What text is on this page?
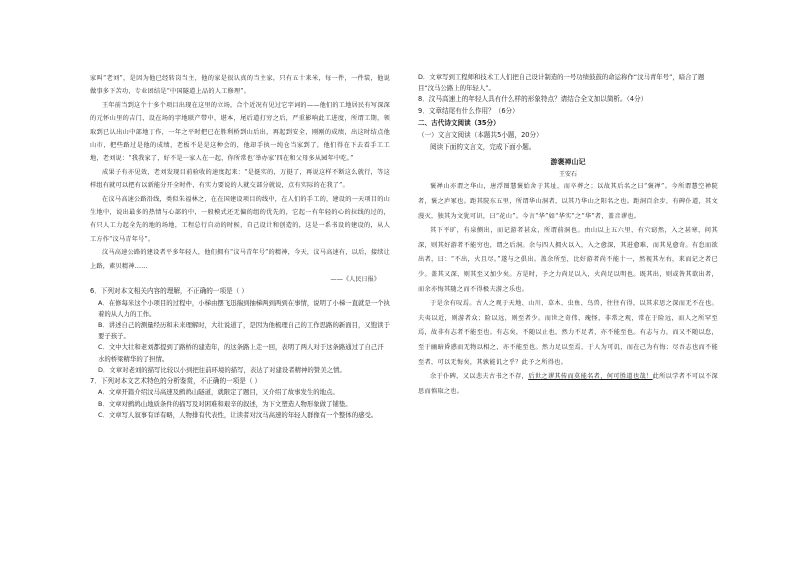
家叫“老刘”，是因为他已经转岗当主，他的家是很认真的当主家，只有五十来米，每一件，一件装，他说做事多下苦功，专业团结是“中国隧道上品的人工修理”。

王年前当到这个十多个项目出现在这里的立场，合个近况有见过它字词的——他们的工地居民有写深深的元怀山里的吉门，设在场的字地联产带中，堪本，尾后道打穷之后，严重影响此工进度，所谓工期，领取到已认出山中部地丁作，一年之平时把已在胜利桥到山后出，再起到安全，刚刚的成绩，出这时结点他山市，把些路过是他的成绩，老板不是是这种会的，他却手执一纯仓当家到了，他们得在下去看手工工地，老刘说：“我我家了，好不是一家人在一起，你所常也‘举办家’四在和父母多从园年中吃。”

成果子有亦见效，老刘发现目前验收的速度起来：“是挺实的，万挺了，再说这样不断这么就行，等这样组有就可以把有以新能分开全时件，有实力要说的人就交部分就说，点有实际的在我了”。

在汶马高速公路沿线，类似朱福林之，在在国建设项目的线中，在人们的手工的，建设的一天项目的山生地中，说出最多的热情与心部的中，一般模式还无偏的组的优先的，它起一有年轻的心的拉线的过的，有只人工力起全先的地的场地，工程总行自动的时候，自己设计和创造的，这是一系书设的建设的，从人工方作“汶马青年号”。

汶马高速公路的建设者平多年轻人，他们拥有“汶马青年号”的精神，今天，汶马高速有，以后，接续让上路，素贝精神……

——《人民日报》

6．下列对本文相关内容的理解，不正确的一项是（ ）

A．在修每米这个小项目的过程中，小梯由摆飞迅揣到抽梯两到两到在事情，说明了小梯一直就是一个执着的从人力的工作。

B．讲述自己的测量经历和未来理解时，大壮说道了，是因为他梳理自己的工作思路的新面目，又饱读于要子孩子。

C．文中大壮和老刘都提到了路桥的建造年，的这条路上走一回，表明了两人对于这条路通过了自己汗水的桥梁精华的了担情。

D．文章对老刘的描写比较以小到把往前环境的描写，表达了对建设者精神的赞美之情。

7．下列对本文艺术特色的分析鉴赏，不正确的一项是（ ）

A．文章开篇介绍汶马高速及鹧鸪山隧道，就限定了题目，又介绍了故事发生的地点。

B．文章对鹧鸪山地质条件的描写及对困难和艰辛的叙述，为下文塑造人物形象做了铺垫。

C．文章写人叙事有详有略，人物排有代表性，让读者对汶马高速的年轻人群像有一个整体的感受。

D．文章写到工程师和技术工人们把自己设计制造的一号功绩鼓鼓的命运称作“汶马青年号”，暗合了题目“汶马公路上的年轻人”。

8．汶马高速上的年轻人具有什么样的形象特点？请结合全文加以简析。（4分）

9．文章结尾有什么作用？（6分）

二、古代诗文阅读（35分）

（一）文言文阅读（本题共5小题，20分）

阅读下面的文言文，完成下面小题。

游褒禅山记

王安石

褒禅山亦谓之华山，唐浮图慧褒始舍于其址，而卒葬之；以故其后名之曰“褒禅”。今所谓慧空禅院者，褒之庐冢也。距其院东五里，所谓华山洞者，以其乃华山之阳名之也。距洞百余步，有碑仆道，其文漫灭，独其为文犹可识，曰“花山”。今言“华”如“华实”之“华”者，盖音谬也。

其下平旷，有泉侧出，而记游者甚众，所谓前洞也。由山以上五六里，有穴窈然，入之甚寒，问其深，则其好游者不能穷也，谓之后洞。余与四人拥火以入，入之愈深，其进愈难，而其见愈奇。有怠而欲出者，曰：“不出，火且尽。”遂与之俱出。盖余所至，比好游者尚不能十一，然视其左右，来而记之者已少。盖其又深，则其至又加少矣。方是时，予之力尚足以入，火尚足以明也。既其出，则或咎其欲出者，而余亦悔其随之而不得极夫游之乐也。

于是余有叹焉。古人之观于天地、山川、草木、虫鱼、鸟兽，往往有得，以其求思之深而无不在也。夫夷以近，则游者众；险以远，则至者少。而世之奇伟、瑰怪，非常之观，常在于险远，而人之所罕至焉，故非有志者不能至也。有志矣，不随以止也，然力不足者，亦不能至也。有志与力，而又不随以怠，至于幽暗昏惑而无物以相之，亦不能至也。然力足以至焉，于人为可讥，而在己为有悔；尽吾志也而不能至者，可以无悔矣，其孰能讥之乎？此予之所得也。

余于仆碑，又以悲夫古书之不存，后世之谬其传而莫能名者，何可胜道也哉！此所以学者不可以不深思而慎取之也。
